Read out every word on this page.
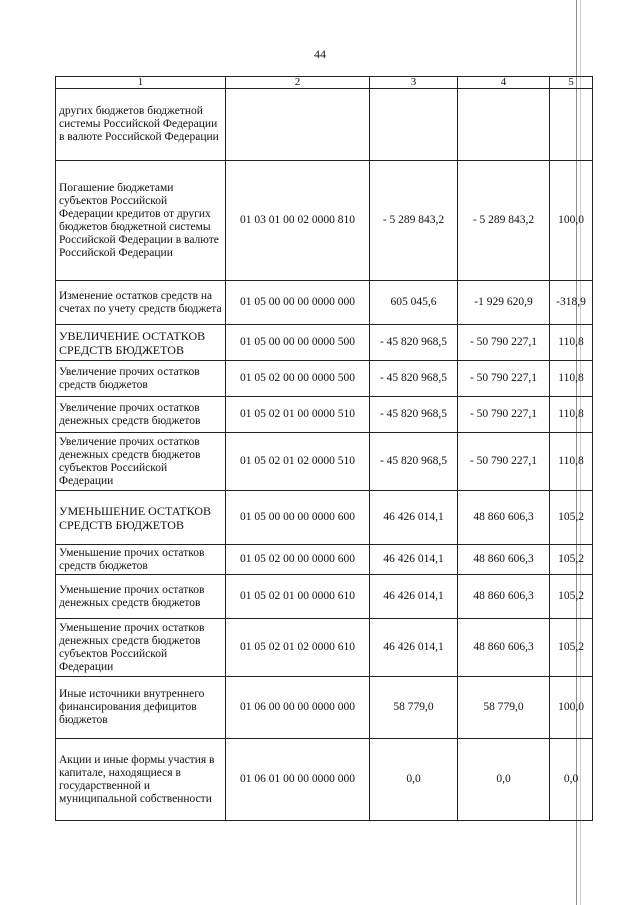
44
1	2	3	4	5
других бюджетов бюджетной системы Российской Федерации в валюте Российской Федерации				
Погашение бюджетами субъектов Российской Федерации кредитов от других бюджетов бюджетной системы Российской Федерации в валюте Российской Федерации	01 03 01 00 02 0000 810	- 5 289 843,2	- 5 289 843,2	100,0
Изменение остатков средств на счетах по учету средств бюджета	01 05 00 00 00 0000 000	605 045,6	-1 929 620,9	-318,9
УВЕЛИЧЕНИЕ ОСТАТКОВ СРЕДСТВ БЮДЖЕТОВ	01 05 00 00 00 0000 500	- 45 820 968,5	- 50 790 227,1	110,8
Увеличение прочих остатков средств бюджетов	01 05 02 00 00 0000 500	- 45 820 968,5	- 50 790 227,1	110,8
Увеличение прочих остатков денежных средств бюджетов	01 05 02 01 00 0000 510	- 45 820 968,5	- 50 790 227,1	110,8
Увеличение прочих остатков денежных средств бюджетов субъектов Российской Федерации	01 05 02 01 02 0000 510	- 45 820 968,5	- 50 790 227,1	110,8
УМЕНЬШЕНИЕ ОСТАТКОВ СРЕДСТВ БЮДЖЕТОВ	01 05 00 00 00 0000 600	46 426 014,1	48 860 606,3	105,2
Уменьшение прочих остатков средств бюджетов	01 05 02 00 00 0000 600	46 426 014,1	48 860 606,3	105,2
Уменьшение прочих остатков денежных средств бюджетов	01 05 02 01 00 0000 610	46 426 014,1	48 860 606,3	105,2
Уменьшение прочих остатков денежных средств бюджетов субъектов Российской Федерации	01 05 02 01 02 0000 610	46 426 014,1	48 860 606,3	105,2
Иные источники внутреннего финансирования дефицитов бюджетов	01 06 00 00 00 0000 000	58 779,0	58 779,0	100,0
Акции и иные формы участия в капитале, находящиеся в государственной и муниципальной собственности	01 06 01 00 00 0000 000	0,0	0,0	0,0
